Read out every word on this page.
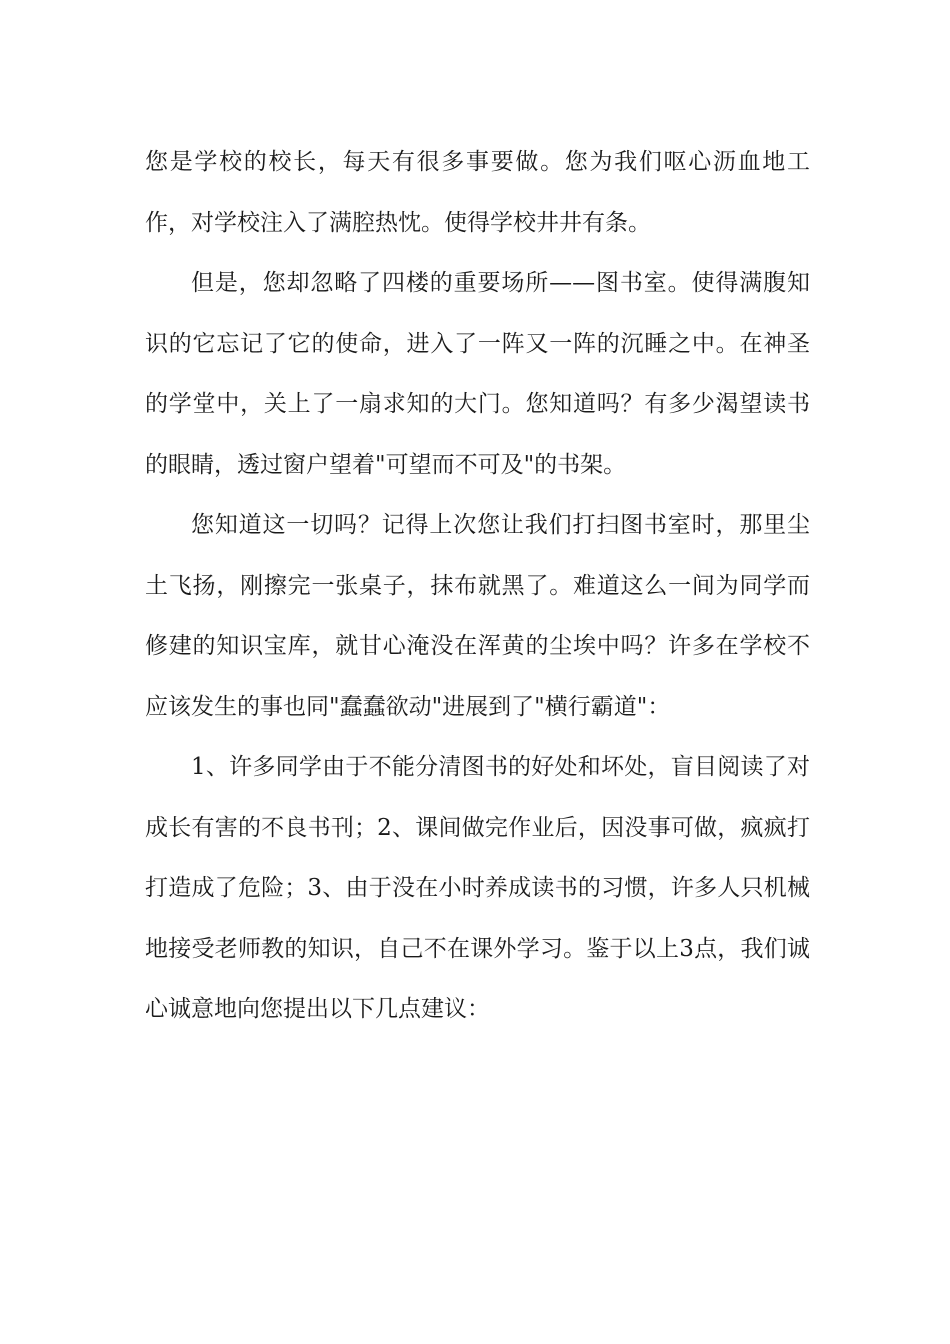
您是学校的校长，每天有很多事要做。您为我们呕心沥血地工作，对学校注入了满腔热忱。使得学校井井有条。

但是，您却忽略了四楼的重要场所——图书室。使得满腹知识的它忘记了它的使命，进入了一阵又一阵的沉睡之中。在神圣的学堂中，关上了一扇求知的大门。您知道吗？有多少渴望读书的眼睛，透过窗户望着"可望而不可及"的书架。

您知道这一切吗？记得上次您让我们打扫图书室时，那里尘土飞扬，刚擦完一张桌子，抹布就黑了。难道这么一间为同学而修建的知识宝库，就甘心淹没在浑黄的尘埃中吗？许多在学校不应该发生的事也同"蠢蠢欲动"进展到了"横行霸道"：

1、许多同学由于不能分清图书的好处和坏处，盲目阅读了对成长有害的不良书刊；2、课间做完作业后，因没事可做，疯疯打打造成了危险；3、由于没在小时养成读书的习惯，许多人只机械地接受老师教的知识，自己不在课外学习。鉴于以上3点，我们诚心诚意地向您提出以下几点建议：
